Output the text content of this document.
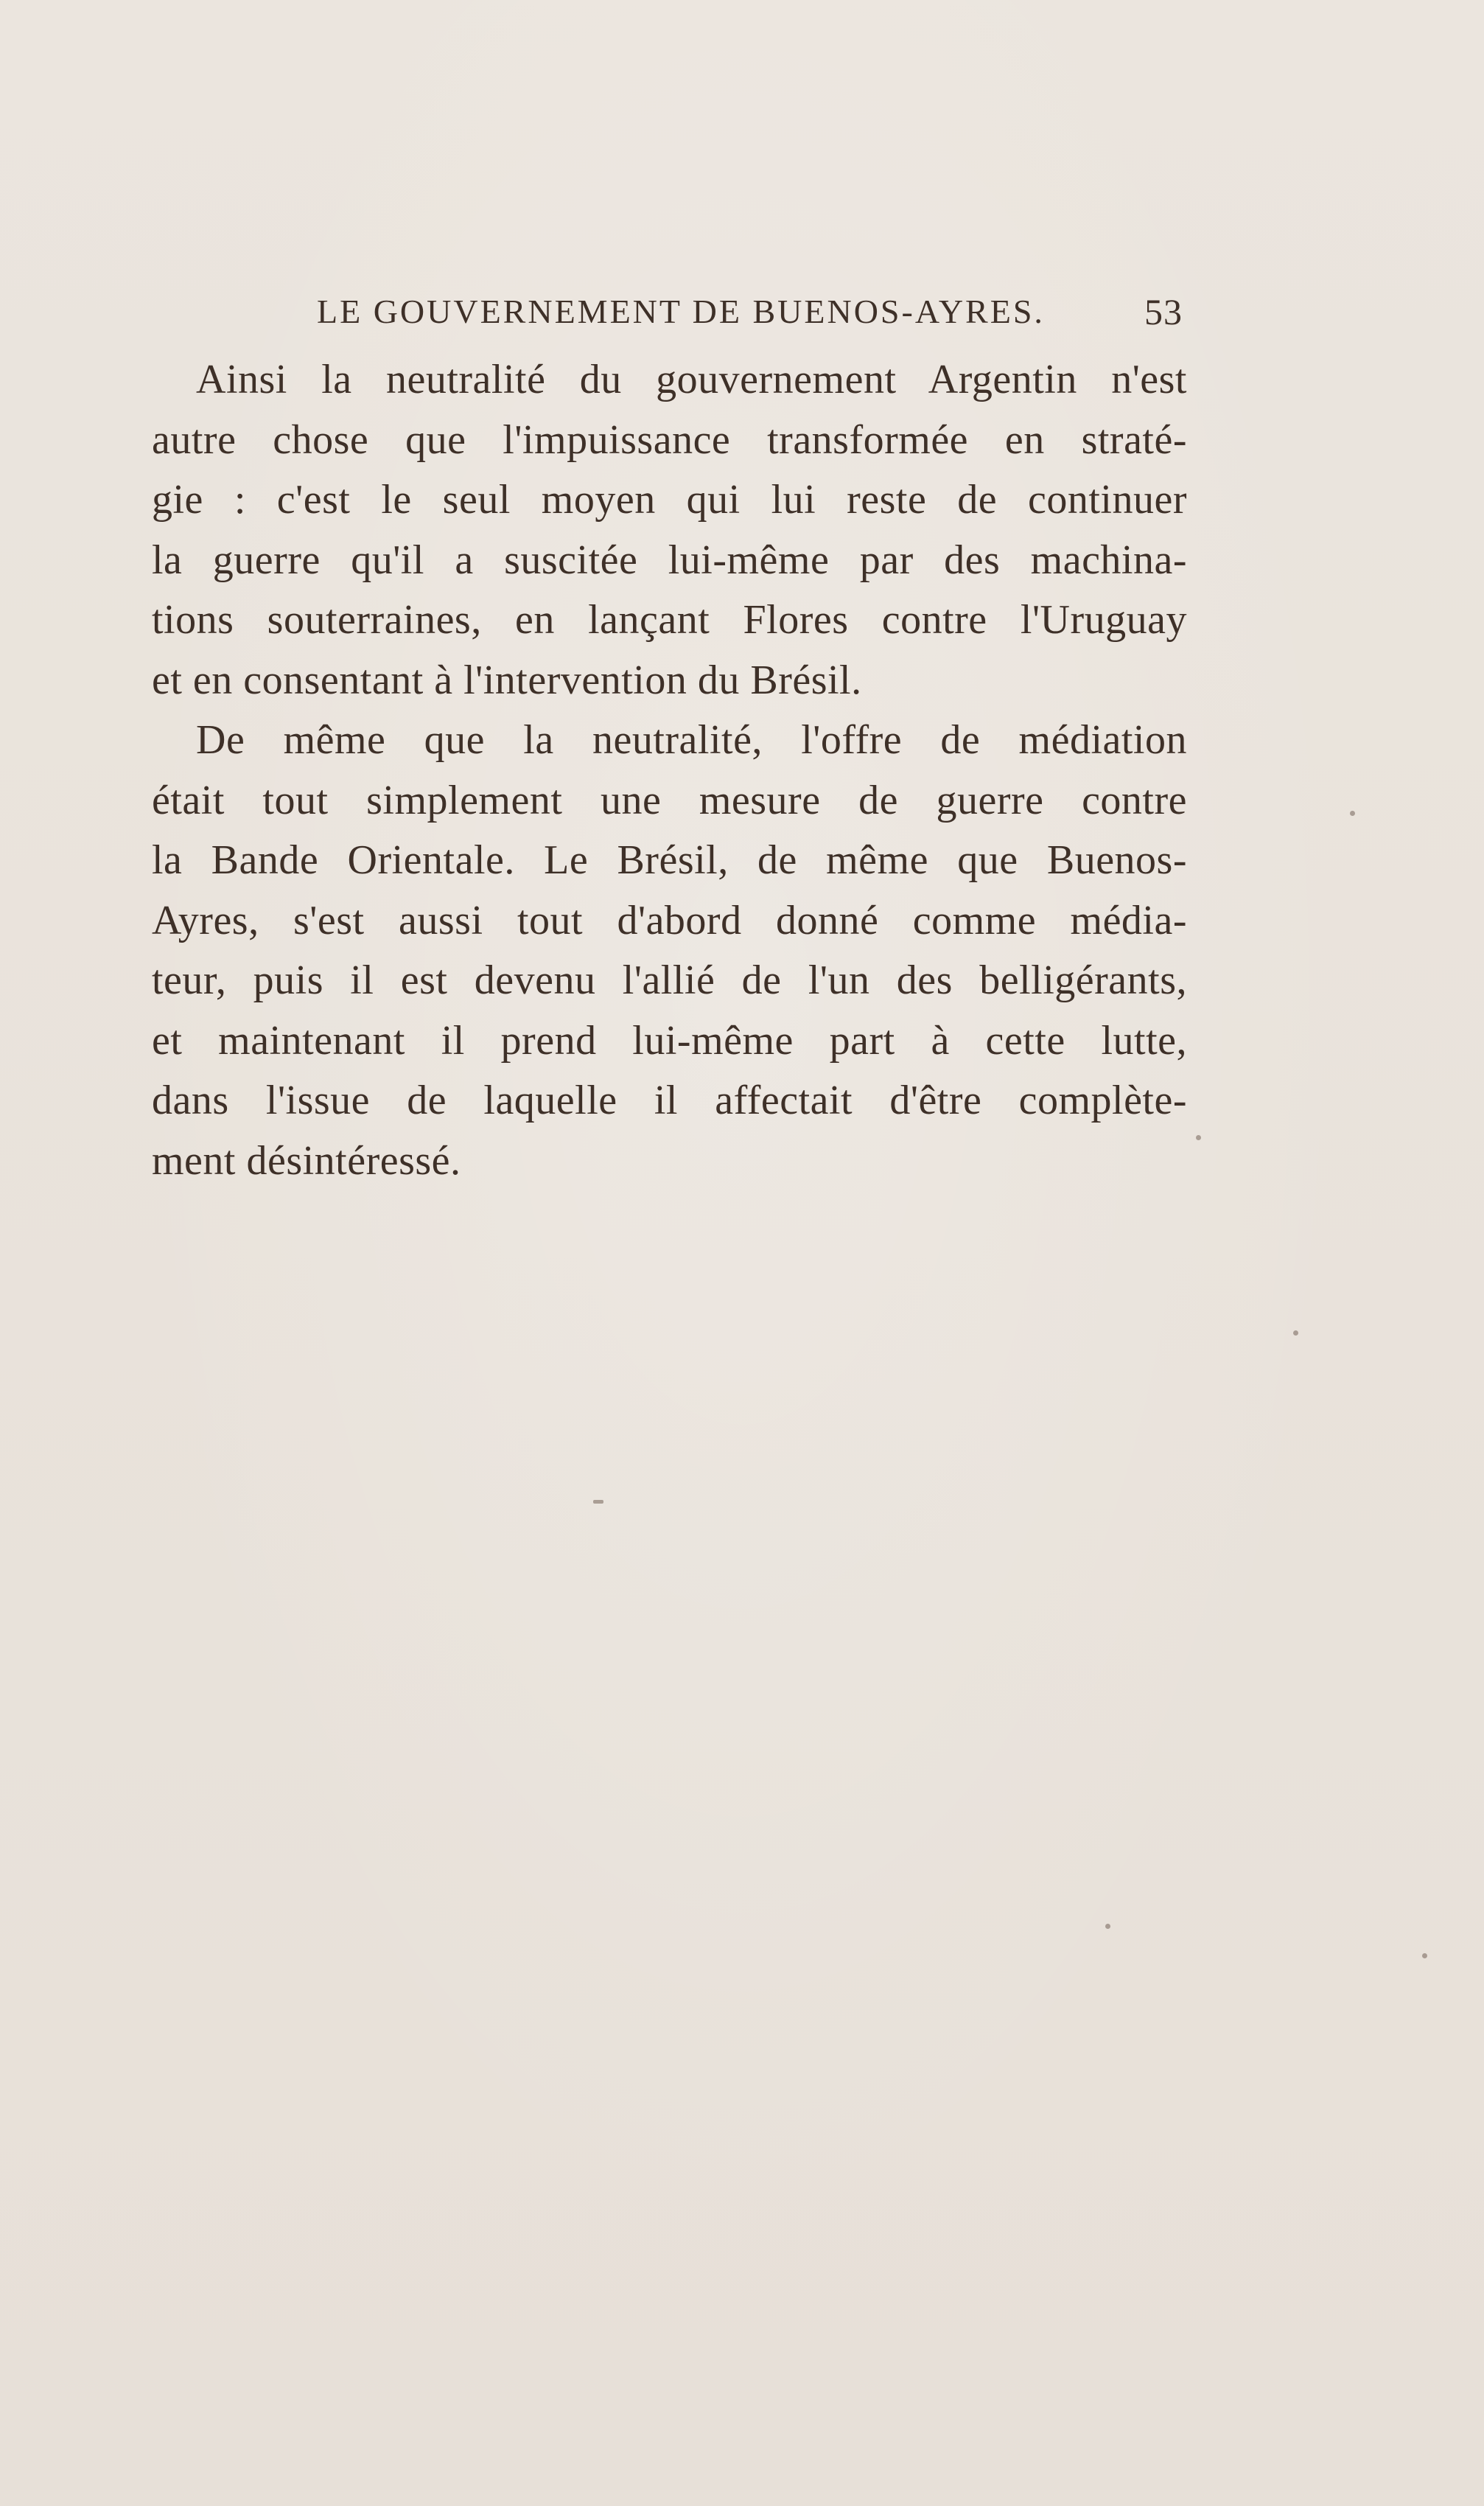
LE GOUVERNEMENT DE BUENOS-AYRES.	53
Ainsi la neutralité du gouvernement Argentin n'est
autre chose que l'impuissance transformée en straté-
gie : c'est le seul moyen qui lui reste de continuer
la guerre qu'il a suscitée lui-même par des machina-
tions souterraines, en lançant Flores contre l'Uruguay
et en consentant à l'intervention du Brésil.
De même que la neutralité, l'offre de médiation
était tout simplement une mesure de guerre contre
la Bande Orientale. Le Brésil, de même que Buenos-
Ayres, s'est aussi tout d'abord donné comme média-
teur, puis il est devenu l'allié de l'un des belligérants,
et maintenant il prend lui-même part à cette lutte,
dans l'issue de laquelle il affectait d'être complète-
ment désintéressé.
